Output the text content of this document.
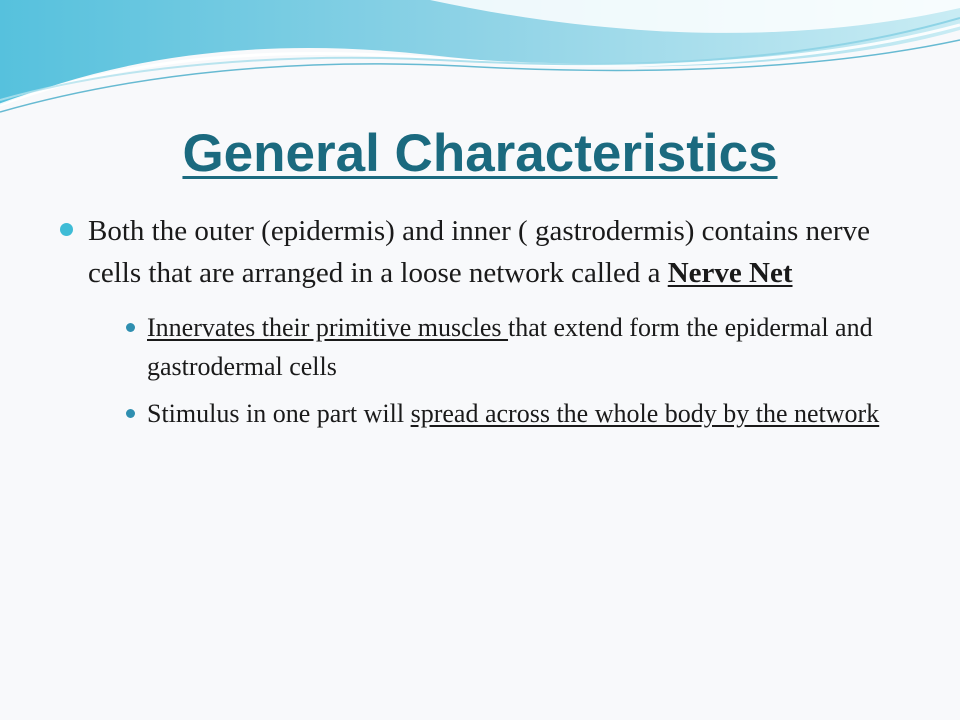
General Characteristics
Both the outer (epidermis) and inner ( gastrodermis) contains nerve cells that are arranged in a loose network called a Nerve Net
Innervates their primitive muscles that extend form the epidermal and gastrodermal cells
Stimulus in one part will spread across the whole body by the network
